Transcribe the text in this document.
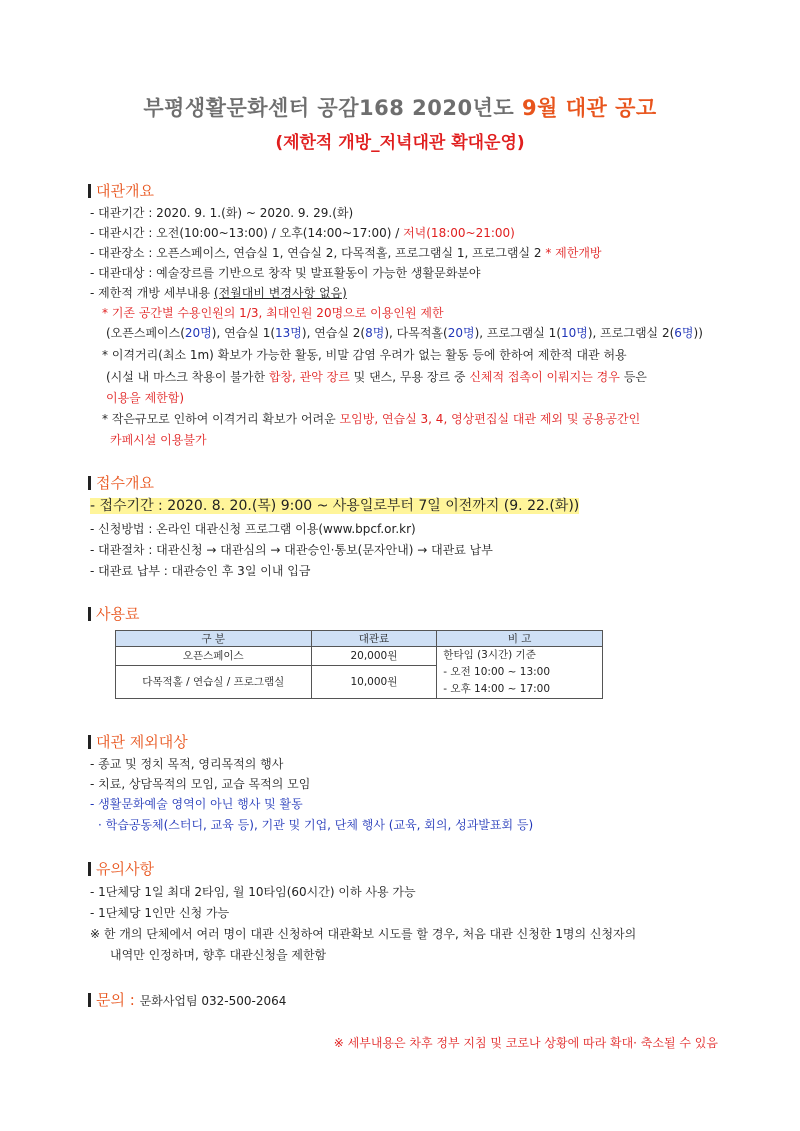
부평생활문화센터 공감168 2020년도 9월 대관 공고
(제한적 개방_저녁대관 확대운영)
대관개요
- 대관기간 : 2020. 9. 1.(화) ~ 2020. 9. 29.(화)
- 대관시간 : 오전(10:00~13:00) / 오후(14:00~17:00) / 저녁(18:00~21:00)
- 대관장소 : 오픈스페이스, 연습실 1, 연습실 2, 다목적홀, 프로그램실 1, 프로그램실 2 * 제한개방
- 대관대상 : 예술장르를 기반으로 창작 및 발표활동이 가능한 생활문화분야
- 제한적 개방 세부내용 (전월대비 변경사항 없음)
* 기존 공간별 수용인원의 1/3, 최대인원 20명으로 이용인원 제한
(오픈스페이스(20명), 연습실 1(13명), 연습실 2(8명), 다목적홀(20명), 프로그램실 1(10명), 프로그램실 2(6명))
* 이격거리(최소 1m) 확보가 가능한 활동, 비말 감염 우려가 없는 활동 등에 한하여 제한적 대관 허용
(시설 내 마스크 착용이 불가한 합창, 관악 장르 및 댄스, 무용 장르 중 신체적 접촉이 이뤄지는 경우 등은
이용을 제한함)
* 작은규모로 인하여 이격거리 확보가 어려운 모임방, 연습실 3, 4, 영상편집실 대관 제외 및 공용공간인
카페시설 이용불가
접수개요
- 접수기간 : 2020. 8. 20.(목) 9:00 ~ 사용일로부터 7일 이전까지 (9. 22.(화))
- 신청방법 : 온라인 대관신청 프로그램 이용(www.bpcf.or.kr)
- 대관절차 : 대관신청 → 대관심의 → 대관승인·통보(문자안내) → 대관료 납부
- 대관료 납부 : 대관승인 후 3일 이내 입금
사용료
구 분	대관료	비 고
오픈스페이스	20,000원	한타임 (3시간) 기준
- 오전 10:00 ~ 13:00
- 오후 14:00 ~ 17:00

다목적홀 / 연습실 / 프로그램실	10,000원	
대관 제외대상
- 종교 및 정치 목적, 영리목적의 행사
- 치료, 상담목적의 모임, 교습 목적의 모임
- 생활문화예술 영역이 아닌 행사 및 활동
· 학습공동체(스터디, 교육 등), 기관 및 기업, 단체 행사 (교육, 회의, 성과발표회 등)
유의사항
- 1단체당 1일 최대 2타임, 월 10타임(60시간) 이하 사용 가능
- 1단체당 1인만 신청 가능
※ 한 개의 단체에서 여러 명이 대관 신청하여 대관확보 시도를 할 경우, 처음 대관 신청한 1명의 신청자의
내역만 인정하며, 향후 대관신청을 제한함
문의 : 문화사업팀 032-500-2064
※ 세부내용은 차후 정부 지침 및 코로나 상황에 따라 확대· 축소될 수 있음
